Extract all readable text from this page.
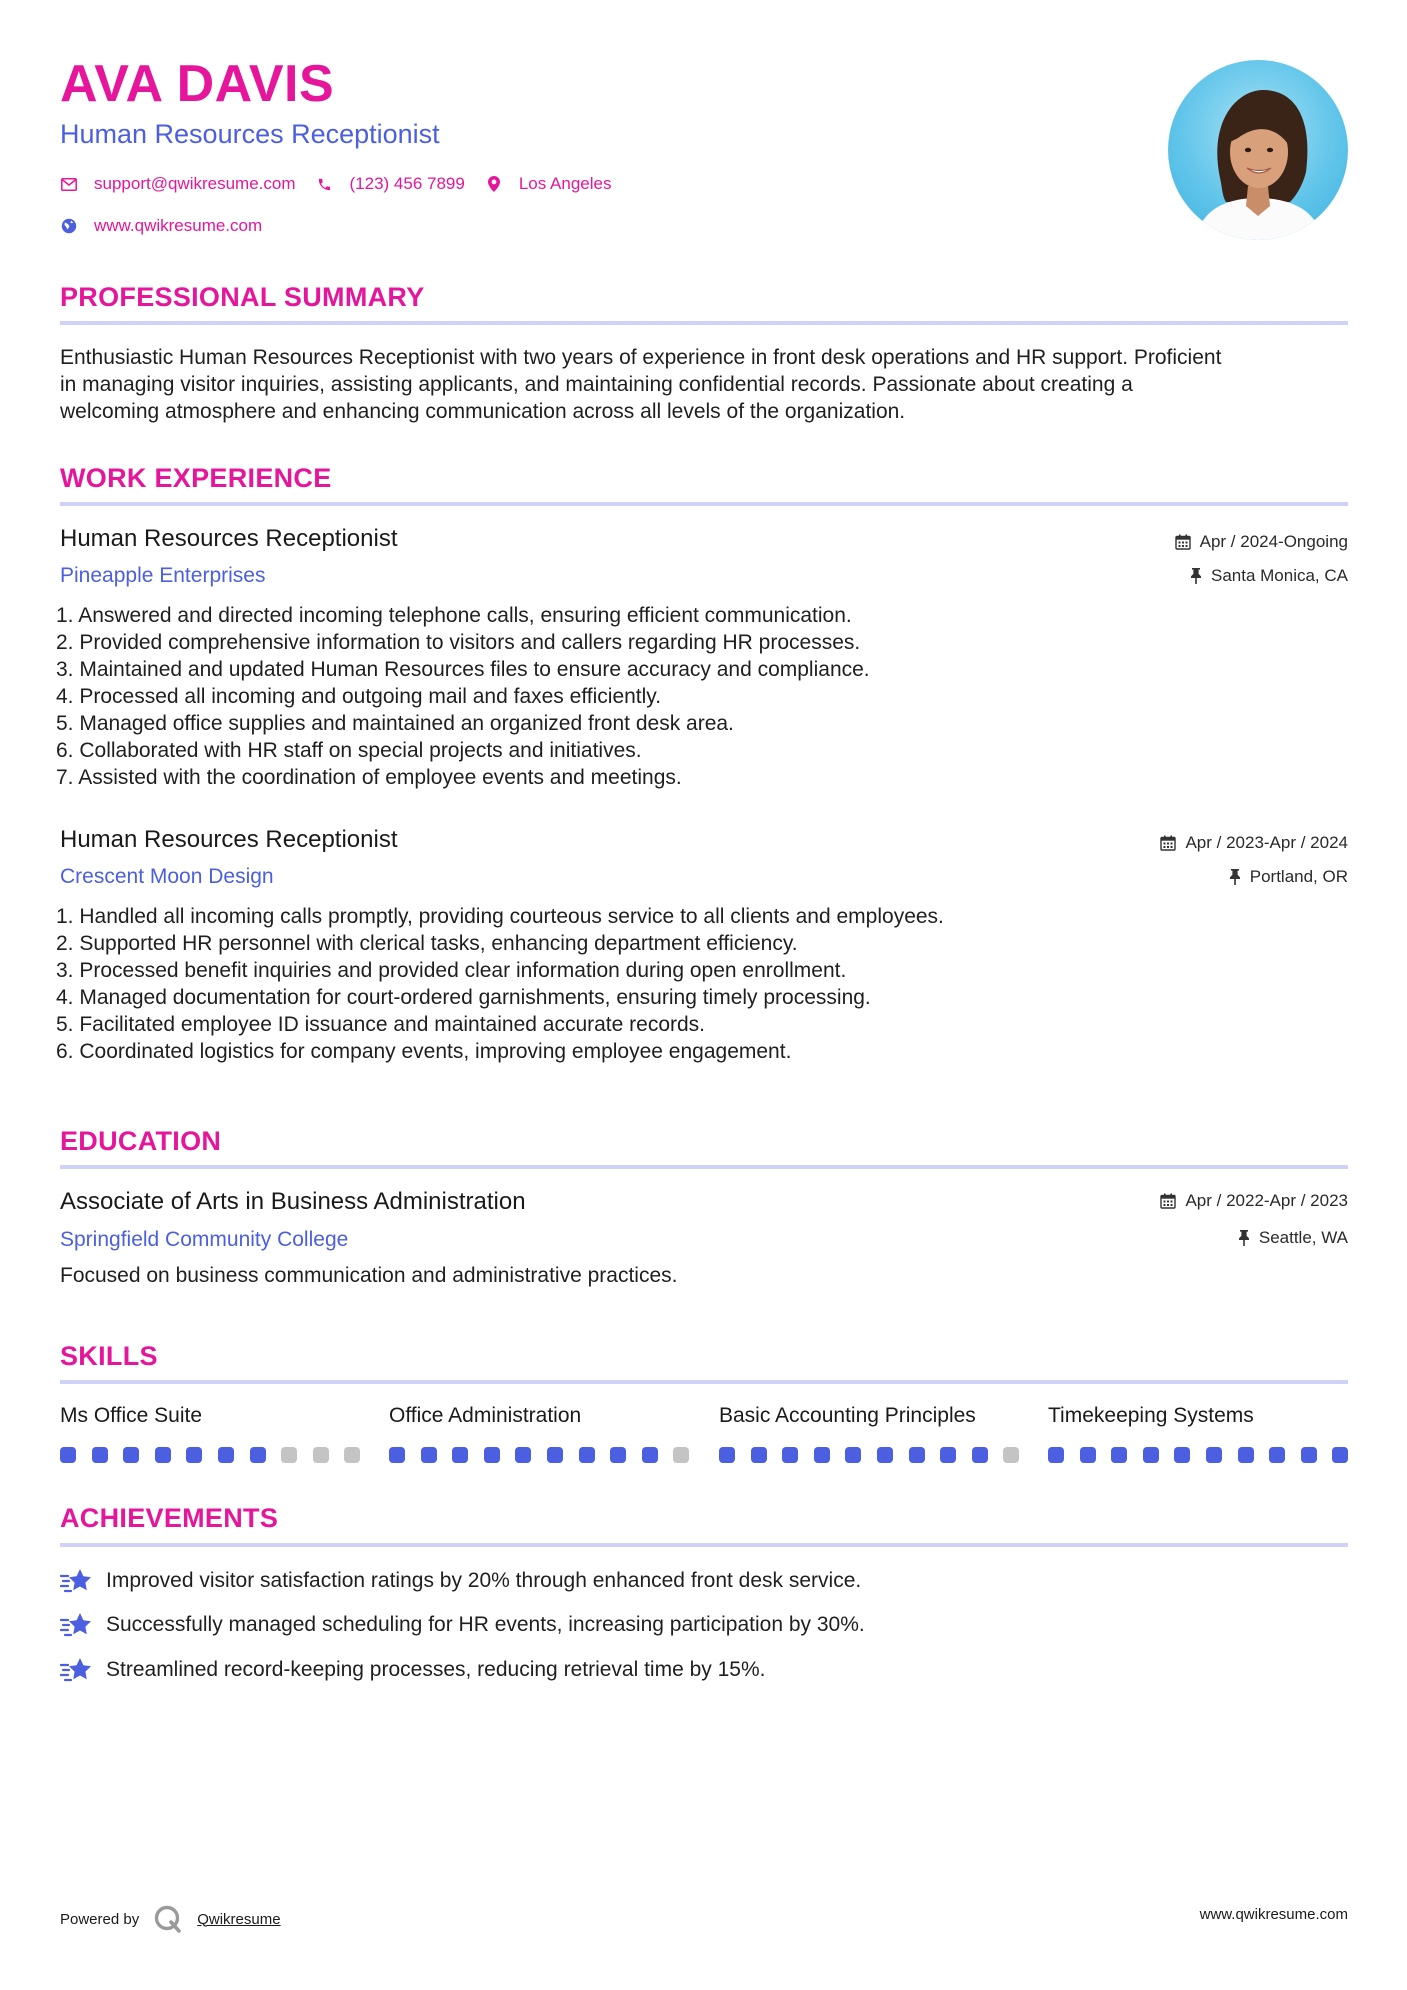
AVA DAVIS
Human Resources Receptionist
support@qwikresume.com	(123) 456 7899	Los Angeles
www.qwikresume.com
PROFESSIONAL SUMMARY
Enthusiastic Human Resources Receptionist with two years of experience in front desk operations and HR support. Proficient
in managing visitor inquiries, assisting applicants, and maintaining confidential records. Passionate about creating a
welcoming atmosphere and enhancing communication across all levels of the organization.
WORK EXPERIENCE
Human Resources Receptionist
Pineapple Enterprises
Apr / 2024-Ongoing
Santa Monica, CA
1. Answered and directed incoming telephone calls, ensuring efficient communication.
2. Provided comprehensive information to visitors and callers regarding HR processes.
3. Maintained and updated Human Resources files to ensure accuracy and compliance.
4. Processed all incoming and outgoing mail and faxes efficiently.
5. Managed office supplies and maintained an organized front desk area.
6. Collaborated with HR staff on special projects and initiatives.
7. Assisted with the coordination of employee events and meetings.
Human Resources Receptionist
Crescent Moon Design
Apr / 2023-Apr / 2024
Portland, OR
1. Handled all incoming calls promptly, providing courteous service to all clients and employees.
2. Supported HR personnel with clerical tasks, enhancing department efficiency.
3. Processed benefit inquiries and provided clear information during open enrollment.
4. Managed documentation for court-ordered garnishments, ensuring timely processing.
5. Facilitated employee ID issuance and maintained accurate records.
6. Coordinated logistics for company events, improving employee engagement.
EDUCATION
Associate of Arts in Business Administration
Springfield Community College
Apr / 2022-Apr / 2023
Seattle, WA
Focused on business communication and administrative practices.
SKILLS
Ms Office Suite	Office Administration	Basic Accounting Principles	Timekeeping Systems
ACHIEVEMENTS
Improved visitor satisfaction ratings by 20% through enhanced front desk service.
Successfully managed scheduling for HR events, increasing participation by 30%.
Streamlined record-keeping processes, reducing retrieval time by 15%.
Powered by	Qwikresume	www.qwikresume.com
